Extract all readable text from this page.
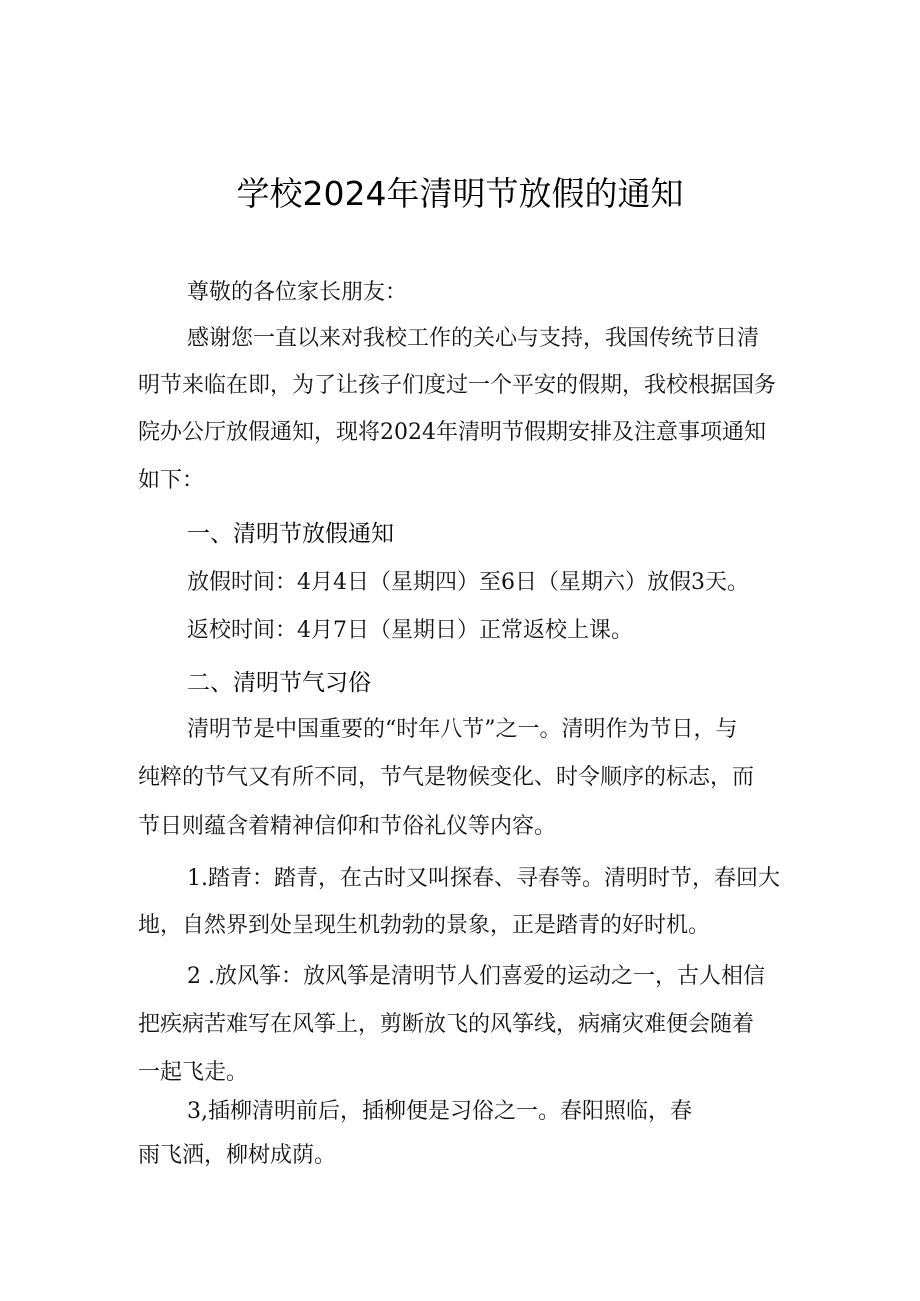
学校2024年清明节放假的通知
尊敬的各位家长朋友：
感谢您一直以来对我校工作的关心与支持，我国传统节日清
明节来临在即，为了让孩子们度过一个平安的假期，我校根据国务
院办公厅放假通知，现将2024年清明节假期安排及注意事项通知
如下：
一、清明节放假通知
放假时间：4月4日（星期四）至6日（星期六）放假3天。
返校时间：4月7日（星期日）正常返校上课。
二、清明节气习俗
清明节是中国重要的“时年八节”之一。清明作为节日，与
纯粹的节气又有所不同，节气是物候变化、时令顺序的标志，而
节日则蕴含着精神信仰和节俗礼仪等内容。
1.踏青：踏青，在古时又叫探春、寻春等。清明时节，春回大
地，自然界到处呈现生机勃勃的景象，正是踏青的好时机。
2 .放风筝：放风筝是清明节人们喜爱的运动之一，古人相信
把疾病苦难写在风筝上，剪断放飞的风筝线，病痛灾难便会随着
一起飞走。
3,插柳清明前后，插柳便是习俗之一。春阳照临，春
雨飞洒，柳树成荫。
